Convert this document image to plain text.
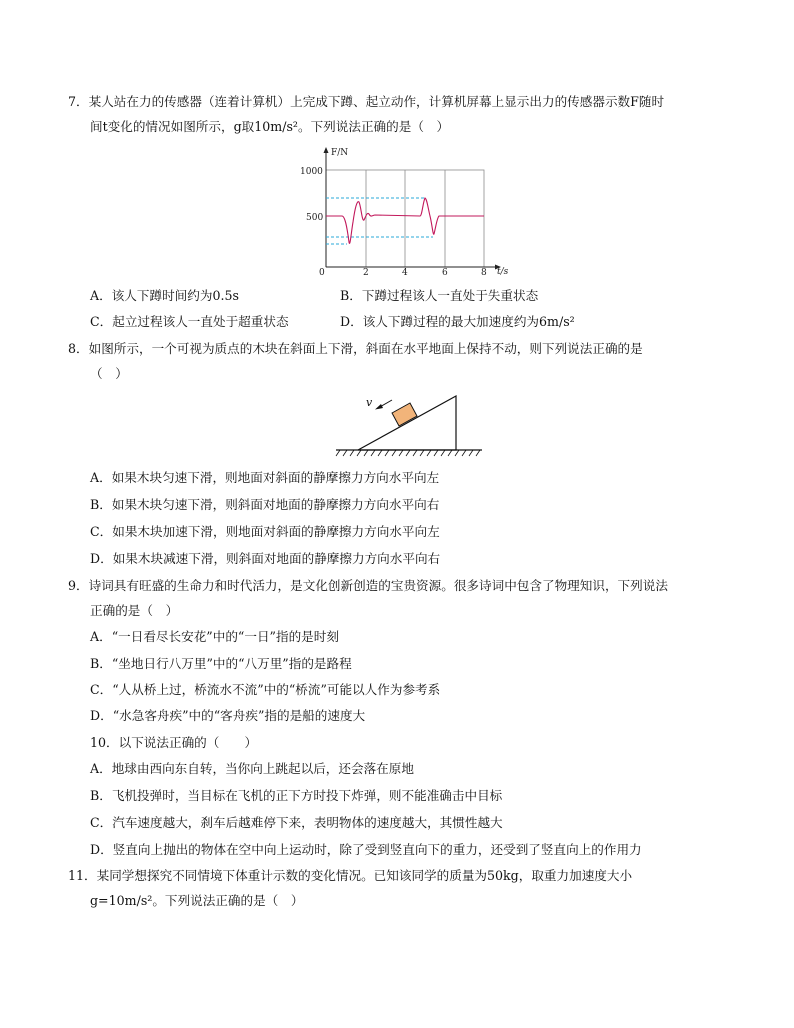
7．某人站在力的传感器（连着计算机）上完成下蹲、起立动作，计算机屏幕上显示出力的传感器示数F随时
间t变化的情况如图所示，g取10m/s²。下列说法正确的是（　）
F/N
t/s
1000
500
0	2	4	6	8
A．该人下蹲时间约为0.5s	B．下蹲过程该人一直处于失重状态
C．起立过程该人一直处于超重状态	D．该人下蹲过程的最大加速度约为6m/s²
8．如图所示，一个可视为质点的木块在斜面上下滑，斜面在水平地面上保持不动，则下列说法正确的是
（　）
v
A．如果木块匀速下滑，则地面对斜面的静摩擦力方向水平向左
B．如果木块匀速下滑，则斜面对地面的静摩擦力方向水平向右
C．如果木块加速下滑，则地面对斜面的静摩擦力方向水平向左
D．如果木块减速下滑，则斜面对地面的静摩擦力方向水平向右
9．诗词具有旺盛的生命力和时代活力，是文化创新创造的宝贵资源。很多诗词中包含了物理知识，下列说法
正确的是（　）
A．“一日看尽长安花”中的“一日”指的是时刻
B．“坐地日行八万里”中的“八万里”指的是路程
C．“人从桥上过，桥流水不流”中的“桥流”可能以人作为参考系
D．“水急客舟疾”中的“客舟疾”指的是船的速度大
10．以下说法正确的（　　）
A．地球由西向东自转，当你向上跳起以后，还会落在原地
B．飞机投弹时，当目标在飞机的正下方时投下炸弹，则不能准确击中目标
C．汽车速度越大，刹车后越难停下来，表明物体的速度越大，其惯性越大
D．竖直向上抛出的物体在空中向上运动时，除了受到竖直向下的重力，还受到了竖直向上的作用力
11．某同学想探究不同情境下体重计示数的变化情况。已知该同学的质量为50kg，取重力加速度大小
g=10m/s²。下列说法正确的是（　）
